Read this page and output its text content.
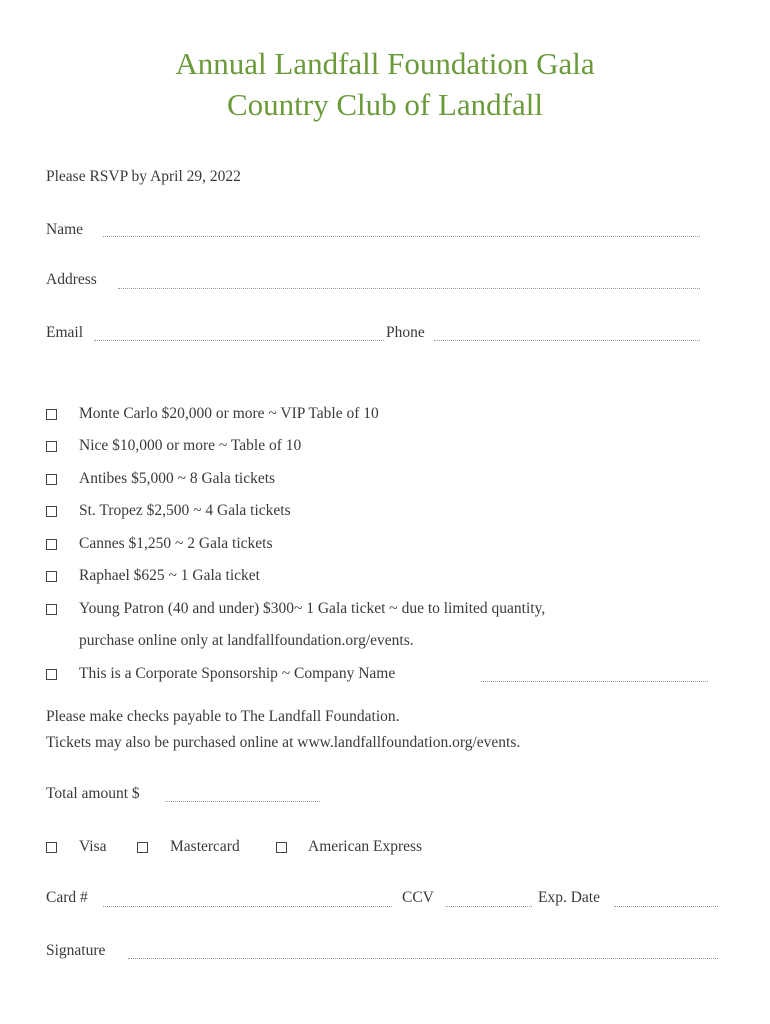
Annual Landfall Foundation Gala
Country Club of Landfall
Please RSVP by April 29, 2022
Name
Address
Email	Phone
Monte Carlo $20,000 or more ~ VIP Table of 10
Nice $10,000 or more ~ Table of 10
Antibes $5,000 ~ 8 Gala tickets
St. Tropez $2,500 ~ 4 Gala tickets
Cannes $1,250 ~ 2 Gala tickets
Raphael $625 ~ 1 Gala ticket
Young Patron (40 and under) $300~ 1 Gala ticket ~ due to limited quantity,
purchase online only at landfallfoundation.org/events.
This is a Corporate Sponsorship ~ Company Name
Please make checks payable to The Landfall Foundation.
Tickets may also be purchased online at www.landfallfoundation.org/events.
Total amount $
Visa	Mastercard	American Express
Card #	CCV	Exp. Date
Signature
